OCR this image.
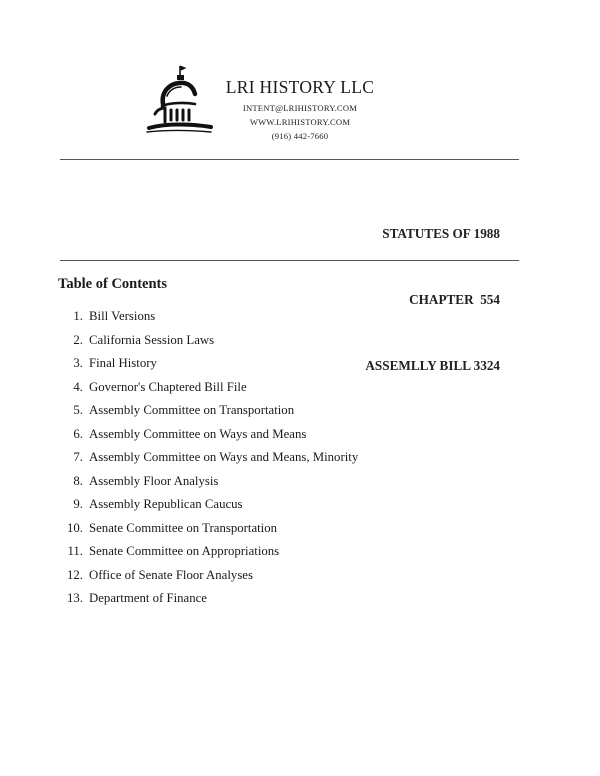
LRI HISTORY LLC
INTENT@LRIHISTORY.COM
WWW.LRIHISTORY.COM
(916) 442-7660

STATUTES OF 1988

CHAPTER  554

ASSEMLLY BILL 3324

Table of Contents
1. Bill Versions
2. California Session Laws
3. Final History
4. Governor's Chaptered Bill File
5. Assembly Committee on Transportation
6. Assembly Committee on Ways and Means
7. Assembly Committee on Ways and Means, Minority
8. Assembly Floor Analysis
9. Assembly Republican Caucus
10. Senate Committee on Transportation
11. Senate Committee on Appropriations
12. Office of Senate Floor Analyses
13. Department of Finance
